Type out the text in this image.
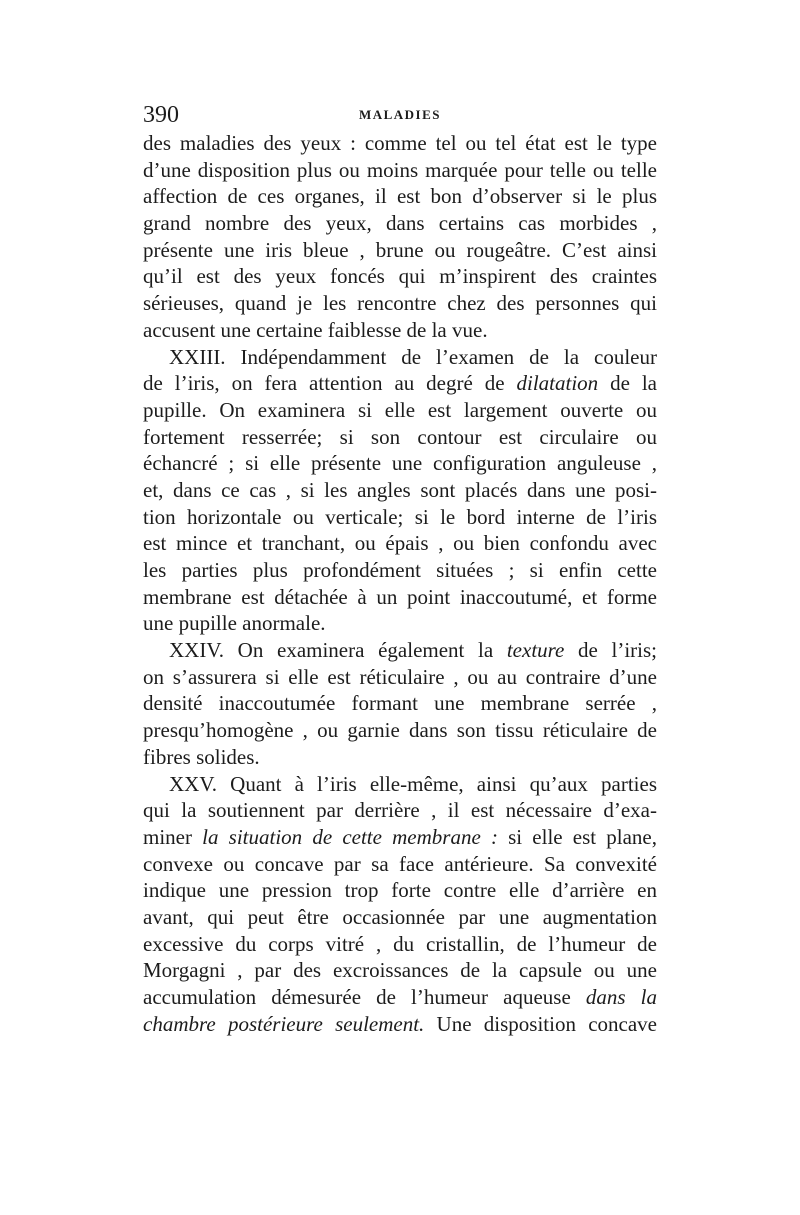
390	MALADIES
des maladies des yeux : comme tel ou tel état est le type
d’une disposition plus ou moins marquée pour telle ou telle
affection de ces organes, il est bon d’observer si le plus
grand nombre des yeux, dans certains cas morbides ,
présente une iris bleue , brune ou rougeâtre. C’est ainsi
qu’il est des yeux foncés qui m’inspirent des craintes
sérieuses, quand je les rencontre chez des personnes qui
accusent une certaine faiblesse de la vue.
XXIII. Indépendamment de l’examen de la couleur
de l’iris, on fera attention au degré de dilatation de la
pupille. On examinera si elle est largement ouverte ou
fortement resserrée; si son contour est circulaire ou
échancré ; si elle présente une configuration anguleuse ,
et, dans ce cas , si les angles sont placés dans une posi-
tion horizontale ou verticale; si le bord interne de l’iris
est mince et tranchant, ou épais , ou bien confondu avec
les parties plus profondément situées ; si enfin cette
membrane est détachée à un point inaccoutumé, et forme
une pupille anormale.
XXIV. On examinera également la texture de l’iris;
on s’assurera si elle est réticulaire , ou au contraire d’une
densité inaccoutumée formant une membrane serrée ,
presqu’homogène , ou garnie dans son tissu réticulaire de
fibres solides.
XXV. Quant à l’iris elle-même, ainsi qu’aux parties
qui la soutiennent par derrière , il est nécessaire d’exa-
miner la situation de cette membrane : si elle est plane,
convexe ou concave par sa face antérieure. Sa convexité
indique une pression trop forte contre elle d’arrière en
avant, qui peut être occasionnée par une augmentation
excessive du corps vitré , du cristallin, de l’humeur de
Morgagni , par des excroissances de la capsule ou une
accumulation démesurée de l’humeur aqueuse dans la
chambre postérieure seulement. Une disposition concave
